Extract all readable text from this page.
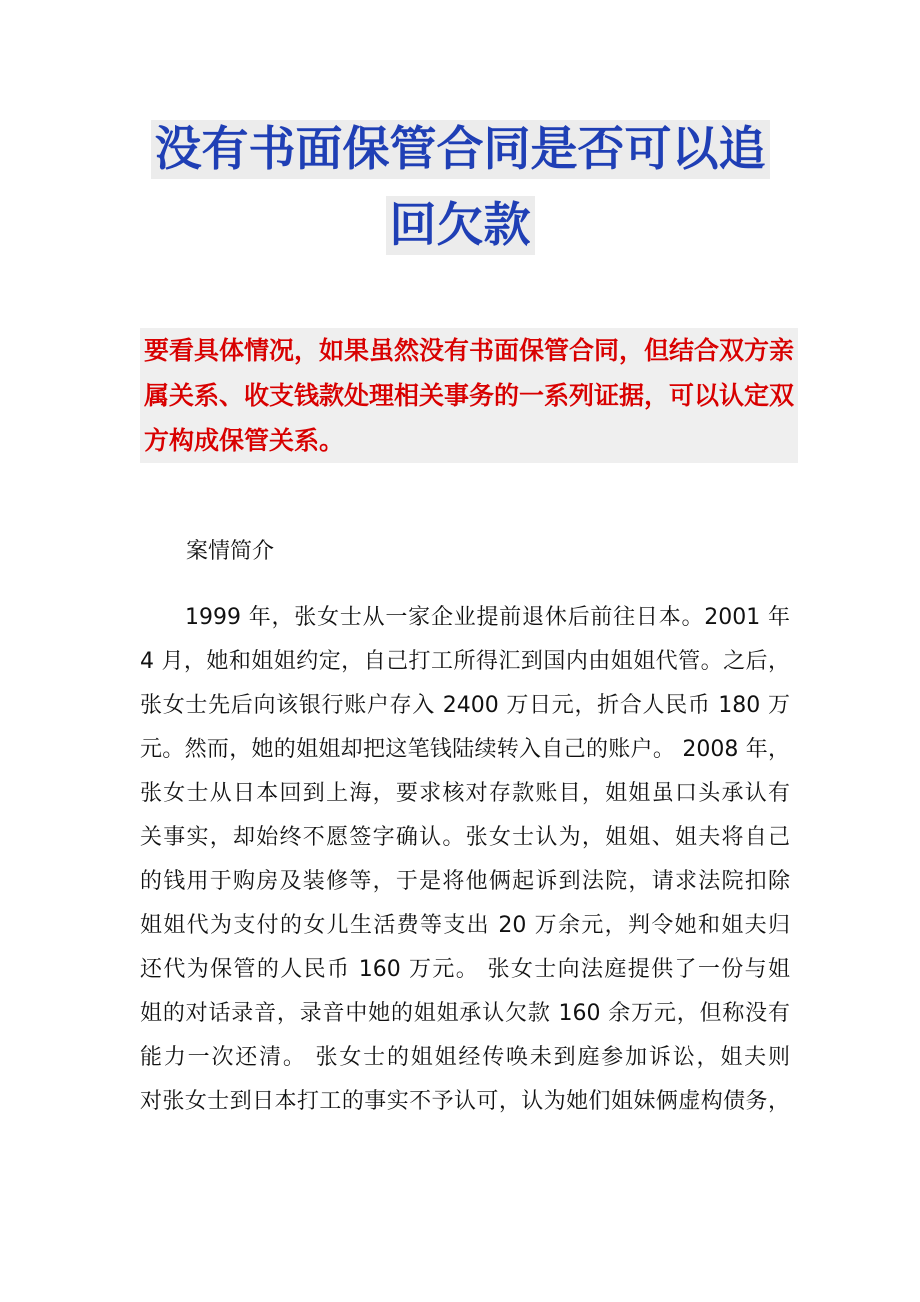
没有书面保管合同是否可以追
回欠款
要看具体情况，如果虽然没有书面保管合同，但结合双方亲属关系、收支钱款处理相关事务的一系列证据，可以认定双方构成保管关系。
案情简介
1999 年，张女士从一家企业提前退休后前往日本。2001 年
4 月，她和姐姐约定，自己打工所得汇到国内由姐姐代管。之后，
张女士先后向该银行账户存入 2400 万日元，折合人民币 180 万
元。然而，她的姐姐却把这笔钱陆续转入自己的账户。 2008 年，
张女士从日本回到上海，要求核对存款账目，姐姐虽口头承认有
关事实，却始终不愿签字确认。张女士认为，姐姐、姐夫将自己
的钱用于购房及装修等，于是将他俩起诉到法院，请求法院扣除
姐姐代为支付的女儿生活费等支出 20 万余元，判令她和姐夫归
还代为保管的人民币 160 万元。 张女士向法庭提供了一份与姐
姐的对话录音，录音中她的姐姐承认欠款 160 余万元，但称没有
能力一次还清。 张女士的姐姐经传唤未到庭参加诉讼，姐夫则
对张女士到日本打工的事实不予认可，认为她们姐妹俩虚构债务，
